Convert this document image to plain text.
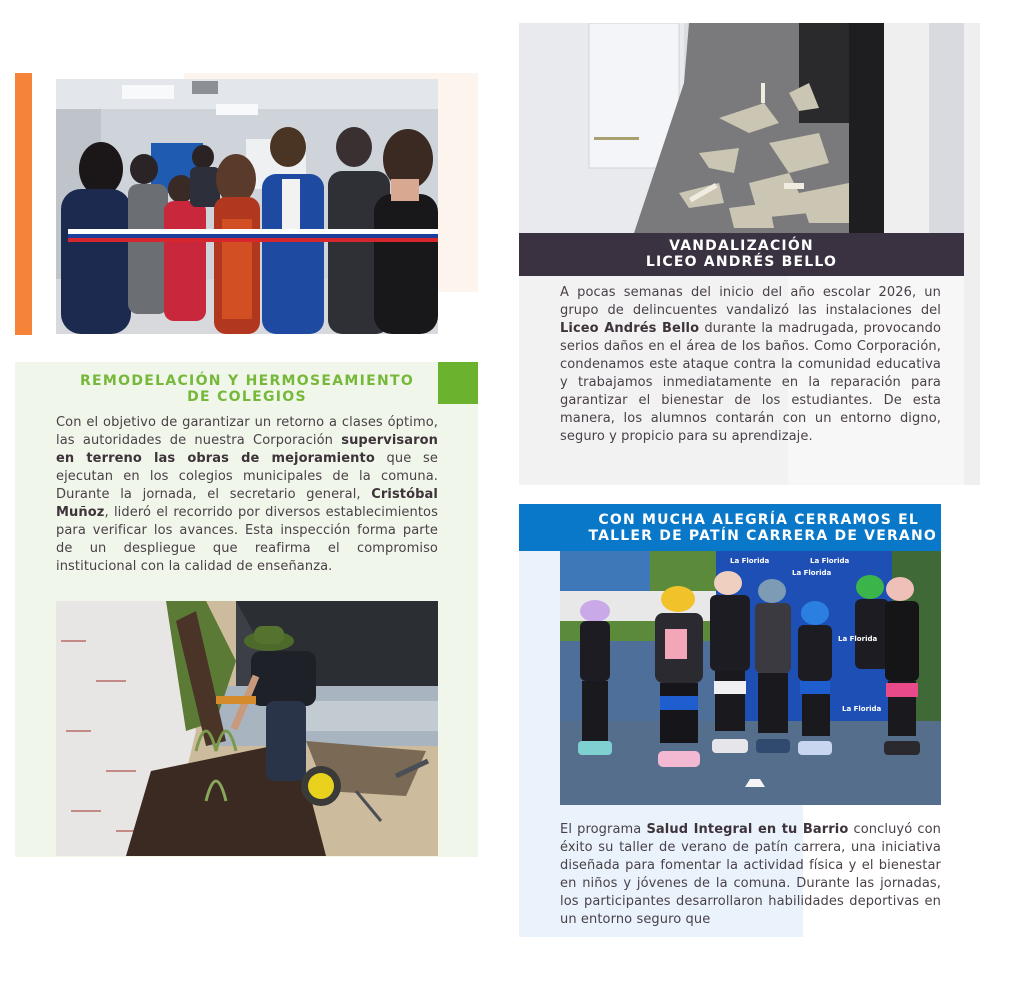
REMODELACIÓN Y HERMOSEAMIENTO
DE COLEGIOS
Con el objetivo de garantizar un retorno a clases óptimo, las autoridades de nuestra Corporación supervisaron en terreno las obras de mejoramiento que se ejecutan en los colegios municipales de la comuna. Durante la jornada, el secretario general, Cristóbal Muñoz, lideró el recorrido por diversos establecimientos para verificar los avances. Esta inspección forma parte de un despliegue que reafirma el compromiso institucional con la calidad de enseñanza.
VANDALIZACIÓN
LICEO ANDRÉS BELLO
A pocas semanas del inicio del año escolar 2026, un grupo de delincuentes vandalizó las instalaciones del Liceo Andrés Bello durante la madrugada, provocando serios daños en el área de los baños. Como Corporación, condenamos este ataque contra la comunidad educativa y trabajamos inmediatamente en la reparación para garantizar el bienestar de los estudiantes. De esta manera, los alumnos contarán con un entorno digno, seguro y propicio para su aprendizaje.
CON MUCHA ALEGRÍA CERRAMOS EL
TALLER DE PATÍN CARRERA DE VERANO
La Florida	La Florida
La Florida
La Florida
La Florida
El programa Salud Integral en tu Barrio concluyó con éxito su taller de verano de patín carrera, una iniciativa diseñada para fomentar la actividad física y el bienestar en niños y jóvenes de la comuna. Durante las jornadas, los participantes desarrollaron habilidades deportivas en un entorno seguro que
